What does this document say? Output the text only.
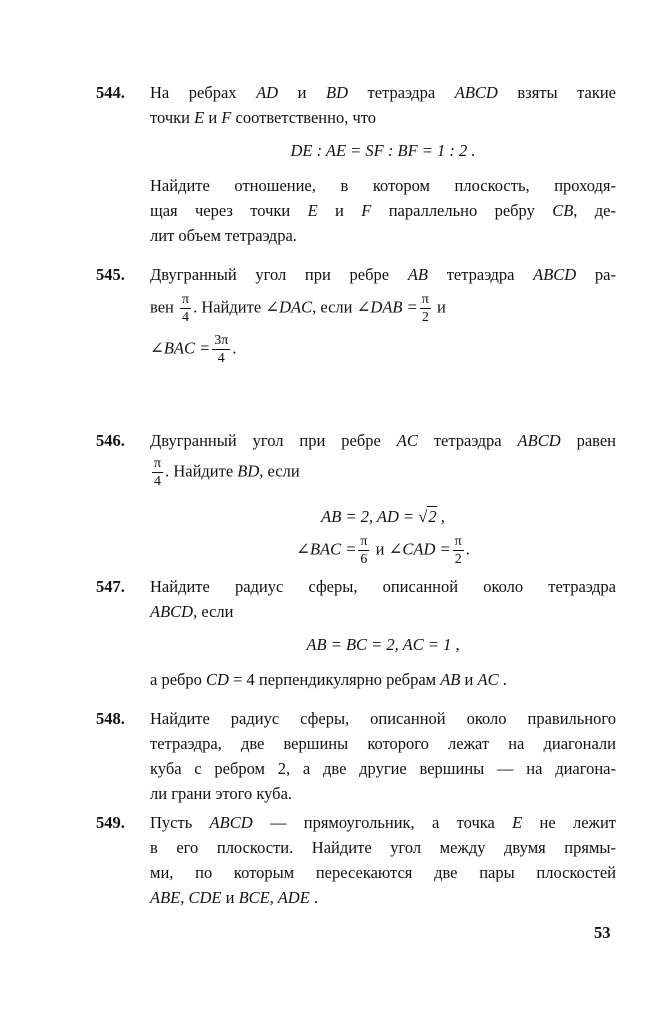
544. На ребрах AD и BD тетраэдра ABCD взяты такие
точки E и F соответственно, что
DE : AE = SF : BF = 1 : 2 .
Найдите отношение, в котором плоскость, проходя-
щая через точки E и F параллельно ребру CB, де-
лит объем тетраэдра.
545. Двугранный угол при ребре AB тетраэдра ABCD ра-
вен $\frac{\pi}{4}$ . Найдите ∠DAC, если ∠DAB = $\frac{\pi}{2}$ и
∠BAC = $\frac{3\pi}{4}$ .
546. Двугранный угол при ребре AC тетраэдра ABCD равен
$\frac{\pi}{4}$ . Найдите BD, если
AB = 2, AD = √2 ,
∠BAC = $\frac{\pi}{6}$ и ∠CAD = $\frac{\pi}{2}$ .
547. Найдите радиус сферы, описанной около тетраэдра
ABCD, если
AB = BC = 2, AC = 1 ,
а ребро CD = 4 перпендикулярно ребрам AB и AC .
548. Найдите радиус сферы, описанной около правильного
тетраэдра, две вершины которого лежат на диагонали
куба с ребром 2, а две другие вершины — на диагона-
ли грани этого куба.
549. Пусть ABCD — прямоугольник, а точка E не лежит
в его плоскости. Найдите угол между двумя прямы-
ми, по которым пересекаются две пары плоскостей
ABE, CDE и BCE, ADE .
53
